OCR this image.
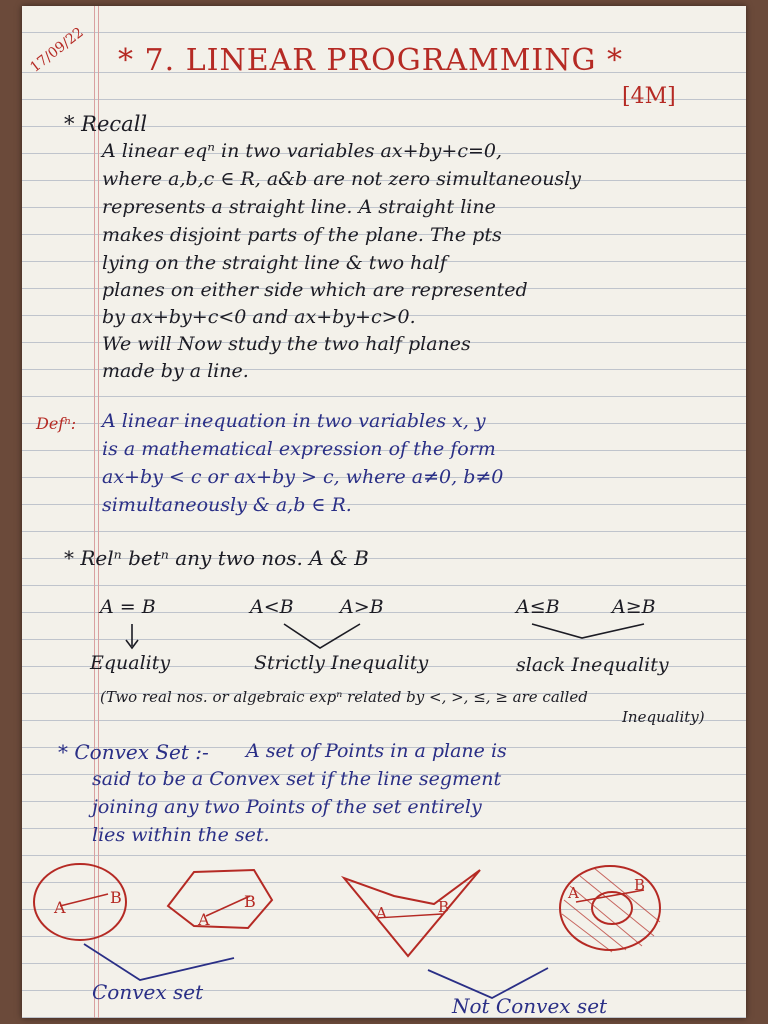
17/09/22 * 7. LINEAR PROGRAMMING *
[4M]
* Recall
A linear eqⁿ in two variables ax+by+c=0,
where a,b,c ∈ R, a&b are not zero simultaneously
represents a straight line. A straight line
makes disjoint parts of the plane. The pts
lying on the straight line & two half
planes on either side which are represented
by ax+by+c<0 and ax+by+c>0.
We will Now study the two half planes
made by a line.
Defⁿ: A linear inequation in two variables x, y
is a mathematical expression of the form
ax+by < c or ax+by > c, where a≠0, b≠0
simultaneously & a,b ∈ R.
* Relⁿ betⁿ any two nos. A & B
A = B	A<B A>B	A≤B	A≥B
Equality	Strictly Inequality	slack Inequality
(Two real nos. or algebraic expⁿ related by <, >, ≤, ≥ are called
Inequality)
* Convex Set :- A set of Points in a plane is
said to be a Convex set if the line segment
joining any two Points of the set entirely
lies within the set.
A
B
A
B
A	B
A	B
Convex set
Not Convex set
